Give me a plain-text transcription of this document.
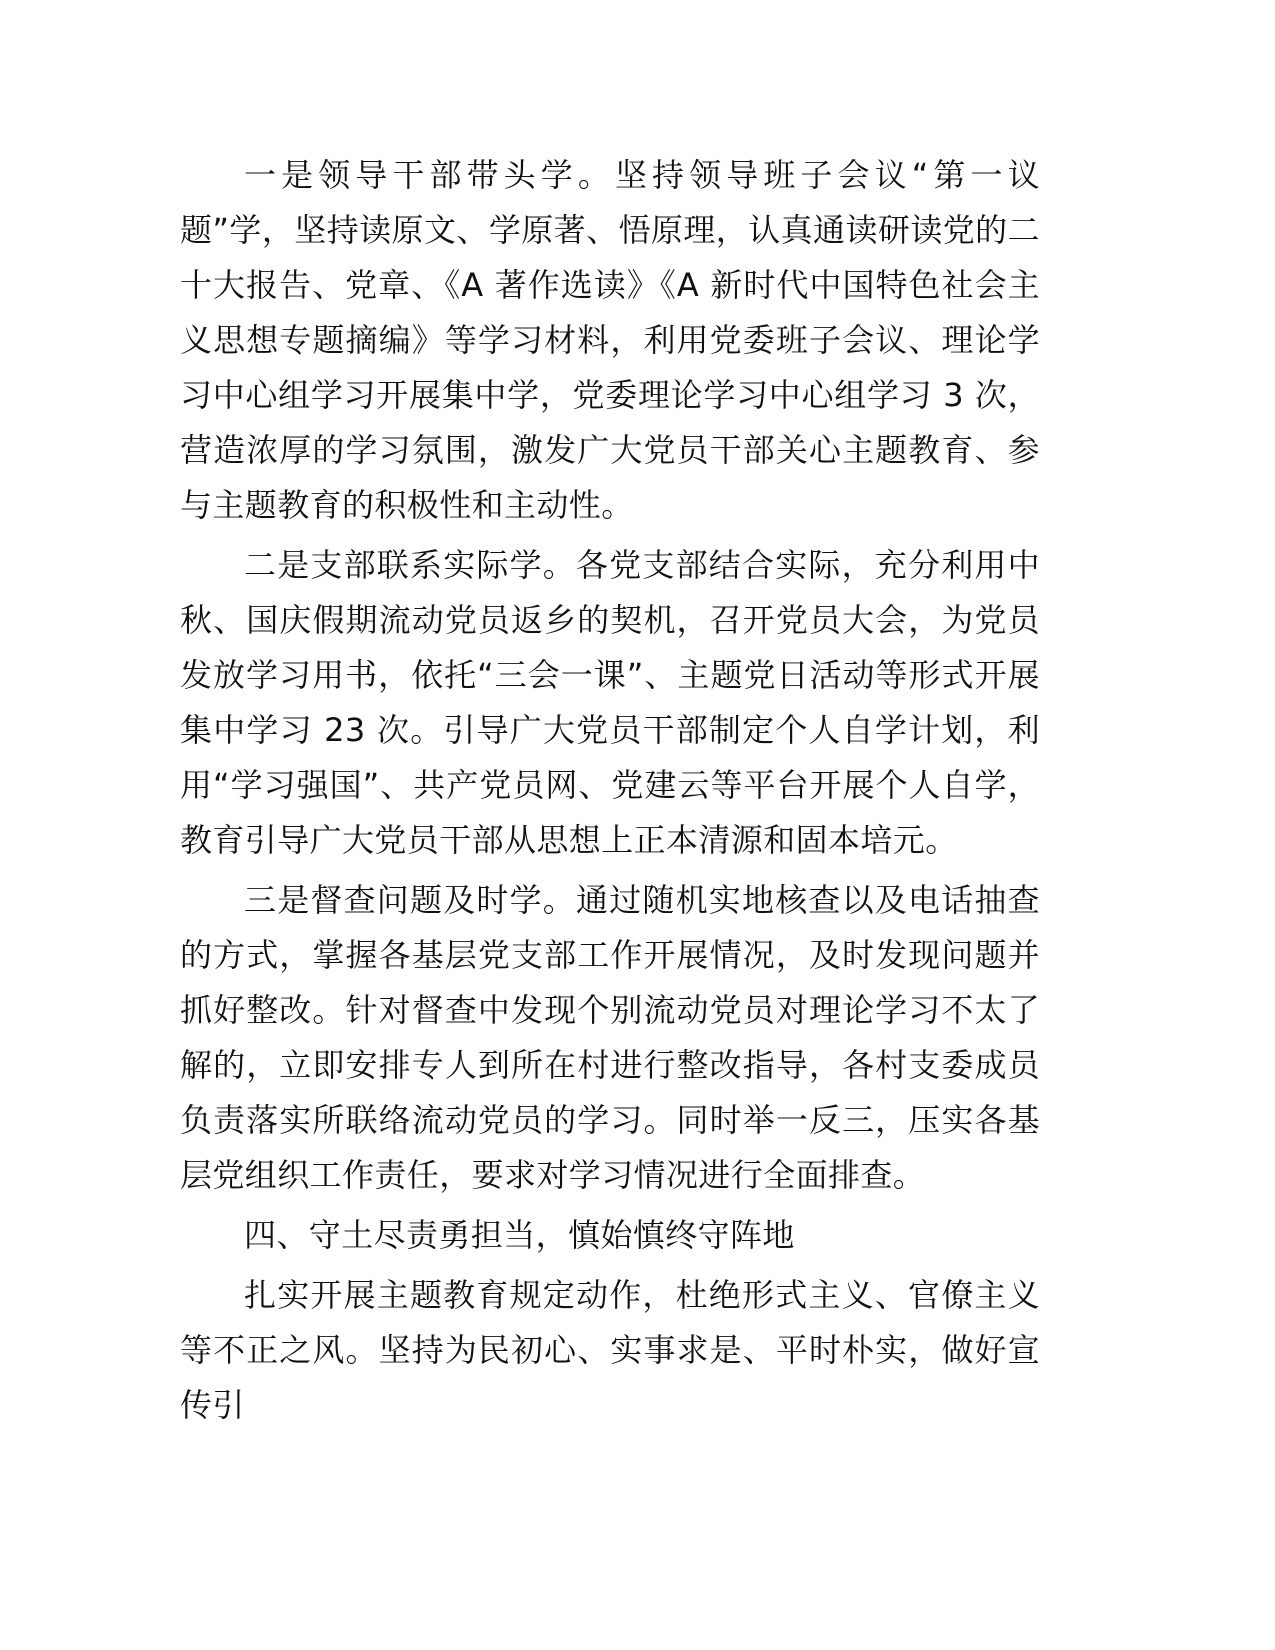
一是领导干部带头学。坚持领导班子会议“第一议题”学，坚持读原文、学原著、悟原理，认真通读研读党的二十大报告、党章、《A 著作选读》《A 新时代中国特色社会主义思想专题摘编》等学习材料，利用党委班子会议、理论学习中心组学习开展集中学，党委理论学习中心组学习 3 次，营造浓厚的学习氛围，激发广大党员干部关心主题教育、参与主题教育的积极性和主动性。

二是支部联系实际学。各党支部结合实际，充分利用中秋、国庆假期流动党员返乡的契机，召开党员大会，为党员发放学习用书，依托“三会一课”、主题党日活动等形式开展集中学习 23 次。引导广大党员干部制定个人自学计划，利用“学习强国”、共产党员网、党建云等平台开展个人自学，教育引导广大党员干部从思想上正本清源和固本培元。

三是督查问题及时学。通过随机实地核查以及电话抽查的方式，掌握各基层党支部工作开展情况，及时发现问题并抓好整改。针对督查中发现个别流动党员对理论学习不太了解的，立即安排专人到所在村进行整改指导，各村支委成员负责落实所联络流动党员的学习。同时举一反三，压实各基层党组织工作责任，要求对学习情况进行全面排查。

四、守土尽责勇担当，慎始慎终守阵地

扎实开展主题教育规定动作，杜绝形式主义、官僚主义等不正之风。坚持为民初心、实事求是、平时朴实，做好宣传引
